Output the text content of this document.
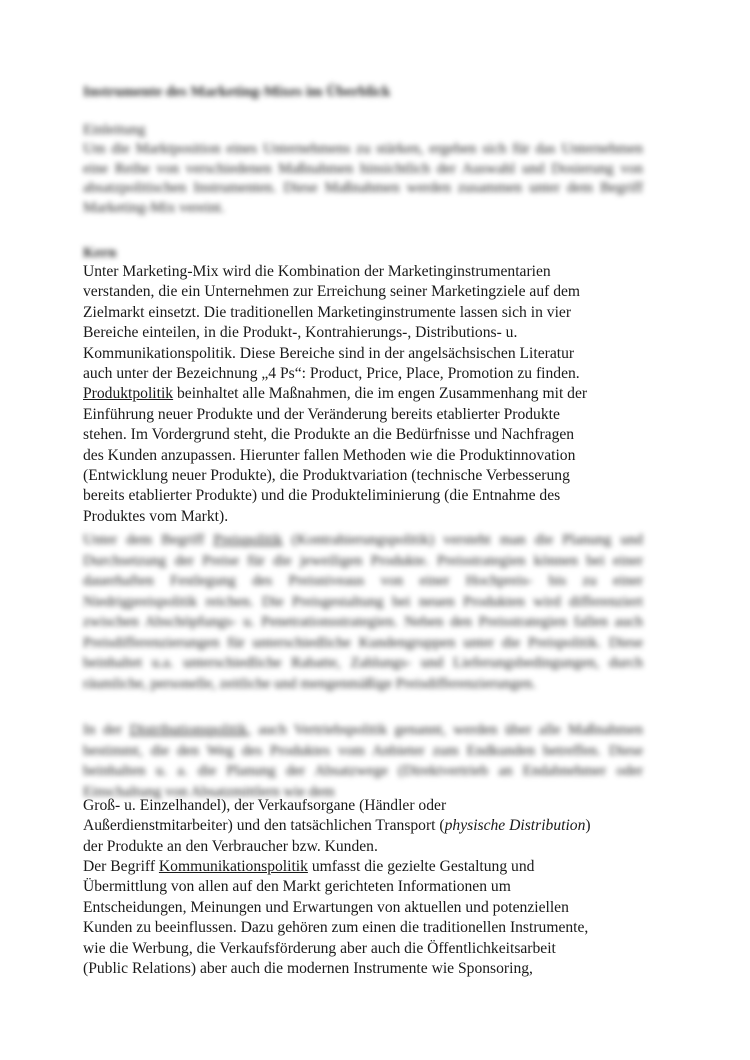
Instrumente des Marketing-Mixes im Überblick
Einleitung

Um die Marktposition eines Unternehmens zu stärken, ergeben sich für das Unternehmen eine Reihe von verschiedenen Maßnahmen hinsichtlich der Auswahl und Dosierung von absatzpolitischen Instrumenten. Diese Maßnahmen werden zusammen unter dem Begriff Marketing-Mix vereint.

Kern
Unter Marketing-Mix wird die Kombination der Marketinginstrumentarien
verstanden, die ein Unternehmen zur Erreichung seiner Marketingziele auf dem
Zielmarkt einsetzt. Die traditionellen Marketinginstrumente lassen sich in vier
Bereiche einteilen, in die Produkt-, Kontrahierungs-, Distributions- u.
Kommunikationspolitik. Diese Bereiche sind in der angelsächsischen Literatur
auch unter der Bezeichnung „4 Ps“: Product, Price, Place, Promotion zu finden.
Produktpolitik beinhaltet alle Maßnahmen, die im engen Zusammenhang mit der
Einführung neuer Produkte und der Veränderung bereits etablierter Produkte
stehen. Im Vordergrund steht, die Produkte an die Bedürfnisse und Nachfragen
des Kunden anzupassen. Hierunter fallen Methoden wie die Produktinnovation
(Entwicklung neuer Produkte), die Produktvariation (technische Verbesserung
bereits etablierter Produkte) und die Produkteliminierung (die Entnahme des
Produktes vom Markt).

Unter dem Begriff Preispolitik (Kontrahierungspolitik) versteht man die Planung und Durchsetzung der Preise für die jeweiligen Produkte. Preisstrategien können bei einer dauerhaften Festlegung des Preisniveaus von einer Hochpreis- bis zu einer Niedrigpreispolitik reichen. Die Preisgestaltung bei neuen Produkten wird differenziert zwischen Abschöpfungs- u. Penetrationsstrategien. Neben den Preisstrategien fallen auch Preisdifferenzierungen für unterschiedliche Kundengruppen unter die Preispolitik. Diese beinhaltet u.a. unterschiedliche Rabatte, Zahlungs- und Lieferungsbedingungen, durch räumliche, personelle, zeitliche und mengenmäßige Preisdifferenzierungen.

In der Distributionspolitik, auch Vertriebspolitik genannt, werden über alle Maßnahmen bestimmt, die den Weg des Produktes vom Anbieter zum Endkunden betreffen. Diese beinhalten u. a. die Planung der Absatzwege (Direktvertrieb an Endabnehmer oder Einschaltung von Absatzmittlern wie dem

Groß- u. Einzelhandel), der Verkaufsorgane (Händler oder
Außerdienstmitarbeiter) und den tatsächlichen Transport (physische Distribution)
der Produkte an den Verbraucher bzw. Kunden.
Der Begriff Kommunikationspolitik umfasst die gezielte Gestaltung und
Übermittlung von allen auf den Markt gerichteten Informationen um
Entscheidungen, Meinungen und Erwartungen von aktuellen und potenziellen
Kunden zu beeinflussen. Dazu gehören zum einen die traditionellen Instrumente,
wie die Werbung, die Verkaufsförderung aber auch die Öffentlichkeitsarbeit
(Public Relations) aber auch die modernen Instrumente wie Sponsoring,
